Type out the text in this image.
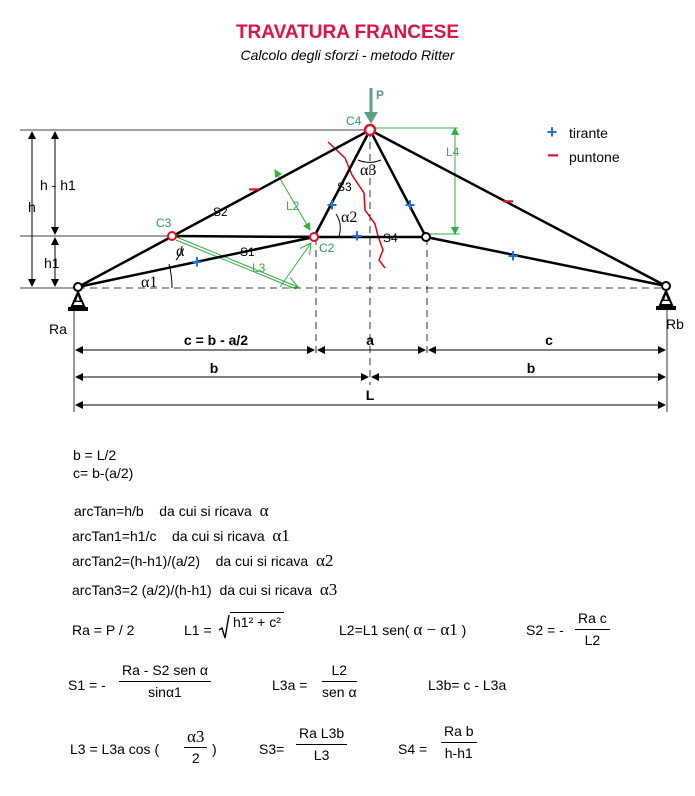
−
−
+
+
+
+
+
+ tirante
− puntone
P
C4
C3
C2
S2
S1
S3
S4
L2
L3
L4
α3
α2
α
α1
h - h1
h
h1
Δ	Δ
Ra	Rb
c = b - a/2	a	c
b	b
L
TRAVATURA FRANCESE
Calcolo degli sforzi - metodo Ritter
b = L/2
c= b-(a/2)
arcTan=h/b da cui si ricava α
arcTan1=h1/c da cui si ricava α1
arcTan2=(h-h1)/(a/2) da cui si ricava α2
arcTan3=2 (a/2)/(h-h1) da cui si ricava α3
Ra = P / 2	L1 =	h1² + c²	L2=L1 sen( α − α1 )	S2 = - $\frac{\text{Ra c}}{L2}$
S1 = -
Ra - S2 sen α
sinα1	L3a =
L2
sen α	L3b= c - L3a
L3 = L3a cos (
α3
2
)	$S3= \frac{\text{Ra L3b}}{L3}$	$S4 = \frac{\text{Ra b}}{h-h1}$
